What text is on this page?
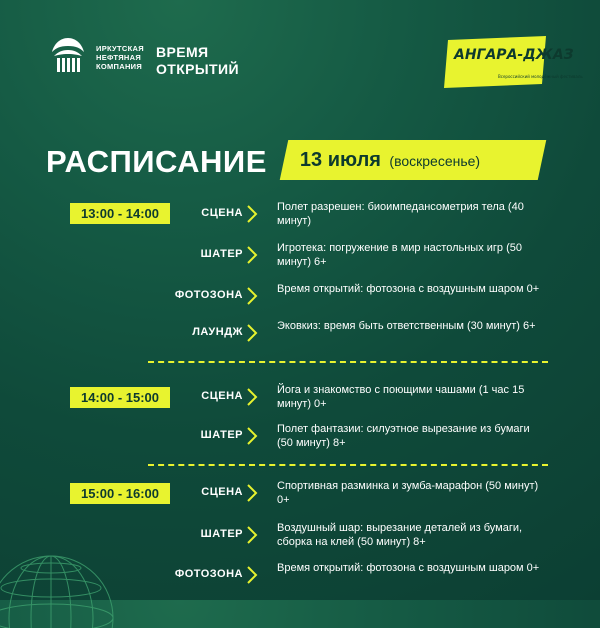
ИРКУТСКАЯ
НЕФТЯНАЯ
КОМПАНИЯ
ВРЕМЯ
ОТКРЫТИЙ
АНГАРА-ДЖАЗ
Всероссийский молодёжный фестиваль
РАСПИСАНИЕ 13 июля (воскресенье)
13:00 - 14:00	СЦЕНА	Полет разрешен: биоимпедансометрия тела (40 минут)
ШАТЕР	Игротека: погружение в мир настольных игр (50 минут) 6+
ФОТОЗОНА	Время открытий: фотозона с воздушным шаром 0+
ЛАУНДЖ	Эковкиз: время быть ответственным (30 минут) 6+
14:00 - 15:00	СЦЕНА	Йога и знакомство с поющими чашами (1 час 15 минут) 0+
ШАТЕР	Полет фантазии: силуэтное вырезание из бумаги (50 минут) 8+
15:00 - 16:00	СЦЕНА	Спортивная разминка и зумба-марафон (50 минут) 0+
ШАТЕР	Воздушный шар: вырезание деталей из бумаги, сборка на клей (50 минут) 8+
ФОТОЗОНА	Время открытий: фотозона с воздушным шаром 0+
